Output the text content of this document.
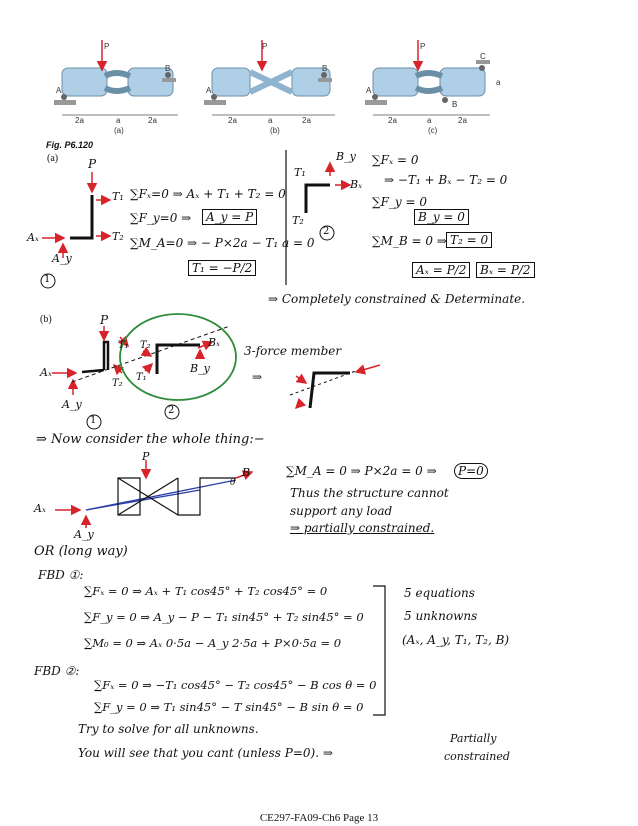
P	P	P
A
B
A
B
A
B
C
2a	a	2a	2a	a	2a	2a	a	2a
a
(a)	(b)	(c)
Fig. P6.120
(a) P
T₁
T₂
Aₓ
A_y
1
∑Fₓ=0 ⇒ Aₓ + T₁ + T₂ = 0
∑F_y=0 ⇒	A_y = P
∑M_A=0 ⇒ − P×2a − T₁ a = 0
T₁ = −P/2
B_y
Bₓ
T₁
T₂
2
∑Fₓ = 0
⇒ −T₁ + Bₓ − T₂ = 0
∑F_y = 0
B_y = 0
∑M_B = 0 ⇒ T₂ = 0
Aₓ = P/2	Bₓ = P/2
⇒ Completely constrained & Determinate.
(b)	P
T₁
T₂
Aₓ
A_y
T₂
T₁
Bₓ
B_y
1
2
3-force member
⇒
⇒ Now consider the whole thing:−
P
B
θ
Aₓ
A_y
∑M_A = 0 ⇒ P×2a = 0 ⇒	P=0
Thus the structure cannot
support any load
⇒ partially constrained.
OR (long way)
FBD ①:
∑Fₓ = 0 ⇒ Aₓ + T₁ cos45° + T₂ cos45° = 0
∑F_y = 0 ⇒ A_y − P − T₁ sin45° + T₂ sin45° = 0
∑M₀ = 0 ⇒ Aₓ 0·5a − A_y 2·5a + P×0·5a = 0
FBD ②:
∑Fₓ = 0 ⇒ −T₁ cos45° − T₂ cos45° − B cos θ = 0
∑F_y = 0 ⇒ T₁ sin45° − T sin45° − B sin θ = 0
5 equations
5 unknowns
(Aₓ, A_y, T₁, T₂, B)
Try to solve for all unknowns.
You will see that you cant (unless P=0). ⇒
Partially
constrained
CE297-FA09-Ch6 Page 13
